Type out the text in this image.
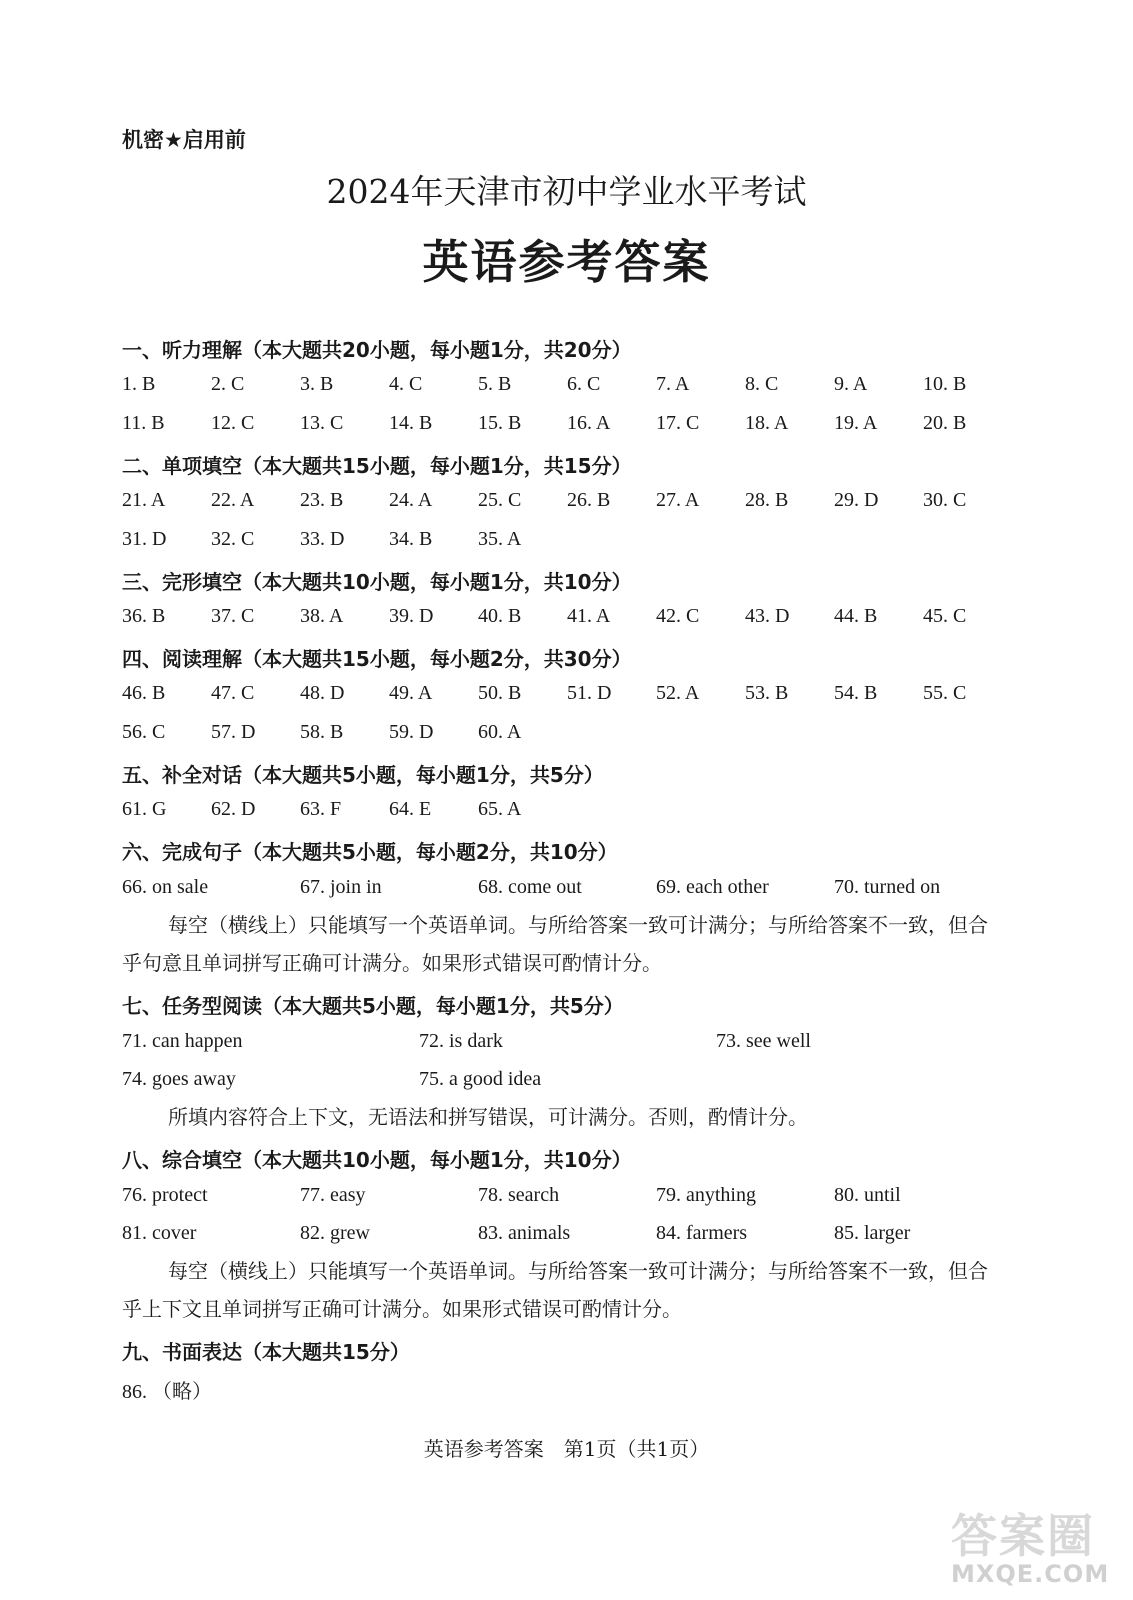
机密★启用前
2024年天津市初中学业水平考试
英语参考答案
一、听力理解（本大题共20小题，每小题1分，共20分）
1. B	2. C	3. B	4. C	5. B	6. C	7. A	8. C	9. A	10. B
11. B 12. C 13. C 14. B 15. B 16. A 17. C 18. A 19. A 20. B
二、单项填空（本大题共15小题，每小题1分，共15分）
21. A 22. A 23. B 24. A 25. C 26. B 27. A 28. B 29. D 30. C
31. D 32. C 33. D 34. B 35. A
三、完形填空（本大题共10小题，每小题1分，共10分）
36. B 37. C 38. A 39. D 40. B 41. A 42. C 43. D 44. B 45. C
四、阅读理解（本大题共15小题，每小题2分，共30分）
46. B 47. C 48. D 49. A 50. B 51. D 52. A 53. B 54. B 55. C
56. C 57. D 58. B 59. D 60. A
五、补全对话（本大题共5小题，每小题1分，共5分）
61. G 62. D 63. F 64. E 65. A
六、完成句子（本大题共5小题，每小题2分，共10分）
66. on sale	67. join in	68. come out	69. each other	70. turned on
每空（横线上）只能填写一个英语单词。与所给答案一致可计满分；与所给答案不一致，但合乎句意且单词拼写正确可计满分。如果形式错误可酌情计分。
七、任务型阅读（本大题共5小题，每小题1分，共5分）
71. can happen	72. is dark	73. see well
74. goes away	75. a good idea
所填内容符合上下文，无语法和拼写错误，可计满分。否则，酌情计分。
八、综合填空（本大题共10小题，每小题1分，共10分）
76. protect	77. easy	78. search	79. anything	80. until
81. cover	82. grew	83. animals	84. farmers	85. larger
每空（横线上）只能填写一个英语单词。与所给答案一致可计满分；与所给答案不一致，但合乎上下文且单词拼写正确可计满分。如果形式错误可酌情计分。
九、书面表达（本大题共15分）
86. （略）
英语参考答案　第1页（共1页）
答案圈
MXQE.COM
